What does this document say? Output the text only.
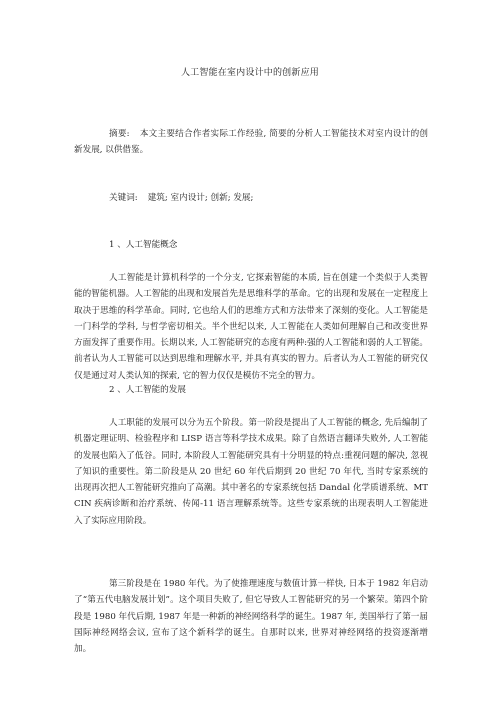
人工智能在室内设计中的创新应用

摘要: 本文主要结合作者实际工作经验, 简要的分析人工智能技术对室内设计的创新发展, 以供借鉴。

关键词: 建筑; 室内设计; 创新; 发展;

1 、人工智能概念

人工智能是计算机科学的一个分支, 它探索智能的本质, 旨在创建一个类似于人类智能的智能机器。人工智能的出现和发展首先是思维科学的革命。它的出现和发展在一定程度上取决于思维的科学革命。同时, 它也给人们的思维方式和方法带来了深刻的变化。人工智能是一门科学的学科, 与哲学密切相关。半个世纪以来, 人工智能在人类如何理解自己和改变世界方面发挥了重要作用。长期以来, 人工智能研究的态度有两种:强的人工智能和弱的人工智能。前者认为人工智能可以达到思维和理解水平, 并具有真实的智力。后者认为人工智能的研究仅仅是通过对人类认知的探索, 它的智力仅仅是模仿不完全的智力。

2 、人工智能的发展

人工职能的发展可以分为五个阶段。第一阶段是提出了人工智能的概念, 先后编制了机器定理证明、检验程序和 LISP 语言等科学技术成果。除了自然语言翻译失败外, 人工智能的发展也陷入了低谷。同时, 本阶段人工智能研究具有十分明显的特点:重视问题的解决, 忽视了知识的重要性。第二阶段是从 20 世纪 60 年代后期到 20 世纪 70 年代, 当时专家系统的出现再次把人工智能研究推向了高潮。其中著名的专家系统包括 Dandal 化学质谱系统、MTCIN 疾病诊断和治疗系统、传闻-11 语言理解系统等。这些专家系统的出现表明人工智能进入了实际应用阶段。

第三阶段是在 1980 年代。为了使推理速度与数值计算一样快, 日本于 1982 年启动了“第五代电脑发展计划”。这个项目失败了, 但它导致人工智能研究的另一个繁荣。第四个阶段是 1980 年代后期, 1987 年是一种新的神经网络科学的诞生。1987 年, 美国举行了第一届国际神经网络会议, 宣布了这个新科学的诞生。自那时以来, 世界对神经网络的投资逐渐增加。
